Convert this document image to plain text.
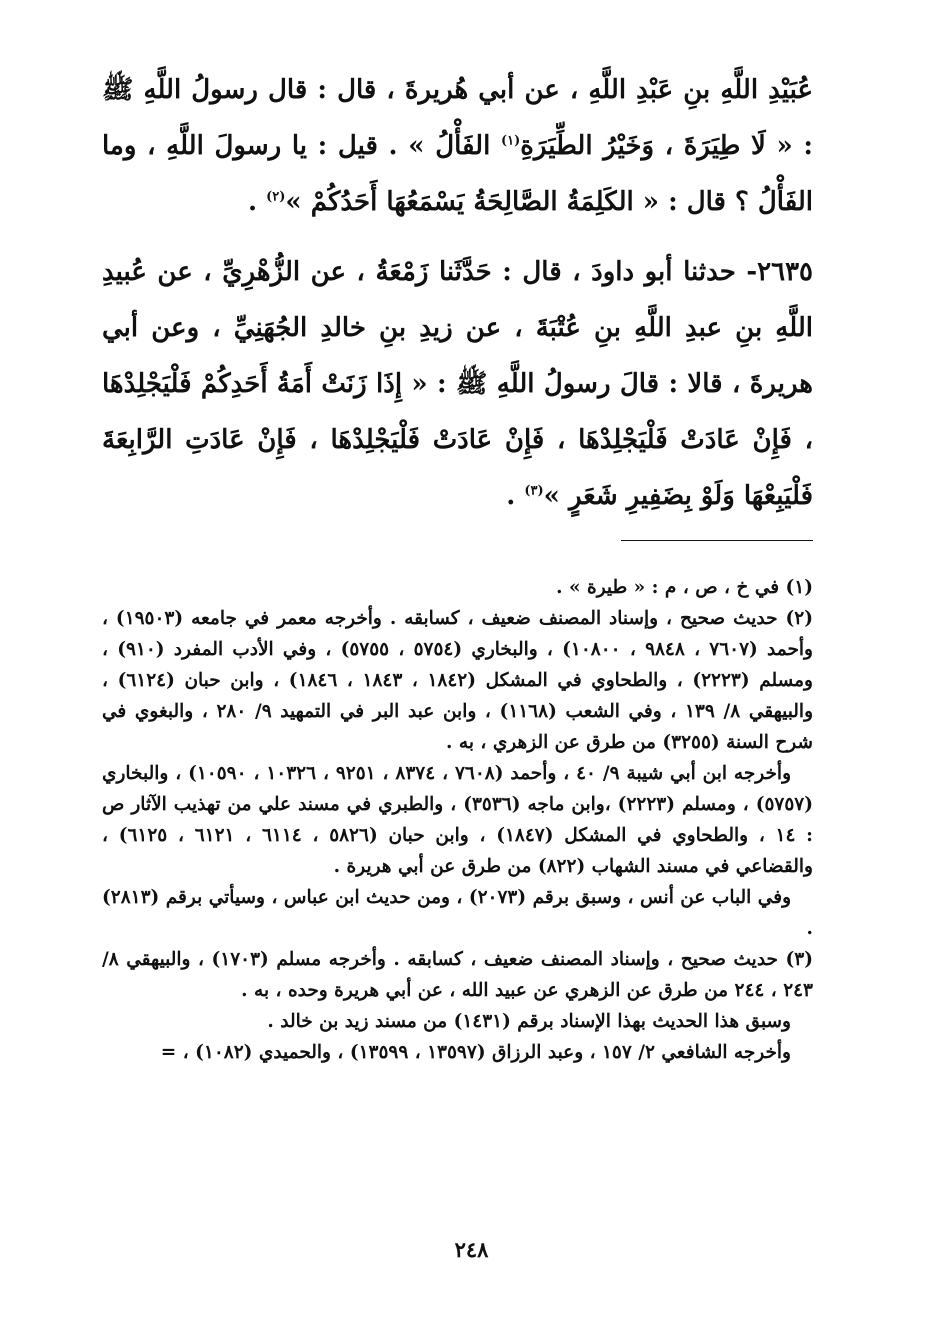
عُبَيْدِ اللَّهِ بنِ عَبْدِ اللَّهِ ، عن أبي هُريرةَ ، قال : قال رسولُ اللَّهِ ﷺ : « لَا طِيَرَةَ ، وَخَيْرُ الطِّيَرَةِ$^{(١)}$ الفَأْلُ » . قيل : يا رسولَ اللَّهِ ، وما الفَأْلُ ؟ قال : « الكَلِمَةُ الصَّالِحَةُ يَسْمَعُهَا أَحَدُكُمْ »$^{(٢)}$ .

٢٦٣٥- حدثنا أبو داودَ ، قال : حَدَّثَنا زَمْعَةُ ، عن الزُّهْرِيِّ ، عن عُبيدِ اللَّهِ بنِ عبدِ اللَّهِ بنِ عُتْبَةَ ، عن زيدِ بنِ خالدِ الجُهَنِيِّ ، وعن أبي هريرةَ ، قالا : قالَ رسولُ اللَّهِ ﷺ : « إِذَا زَنَتْ أَمَةُ أَحَدِكُمْ فَلْيَجْلِدْهَا ، فَإِنْ عَادَتْ فَلْيَجْلِدْهَا ، فَإِنْ عَادَتْ فَلْيَجْلِدْهَا ، فَإِنْ عَادَتِ الرَّابِعَةَ فَلْيَبِعْهَا وَلَوْ بِضَفِيرِ شَعَرٍ »$^{(٣)}$ .

(١) في خ ، ص ، م : « طيرة » .

(٢) حديث صحيح ، وإسناد المصنف ضعيف ، كسابقه . وأخرجه معمر في جامعه (١٩٥٠٣) ، وأحمد (٧٦٠٧ ، ٩٨٤٨ ، ١٠٨٠٠) ، والبخاري (٥٧٥٤ ، ٥٧٥٥) ، وفي الأدب المفرد (٩١٠) ، ومسلم (٢٢٢٣) ، والطحاوي في المشكل (١٨٤٢ ، ١٨٤٣ ، ١٨٤٦) ، وابن حبان (٦١٢٤) ، والبيهقي ٨/ ١٣٩ ، وفي الشعب (١١٦٨) ، وابن عبد البر في التمهيد ٩/ ٢٨٠ ، والبغوي في شرح السنة (٣٢٥٥) من طرق عن الزهري ، به .

وأخرجه ابن أبي شيبة ٩/ ٤٠ ، وأحمد (٧٦٠٨ ، ٨٣٧٤ ، ٩٢٥١ ، ١٠٣٢٦ ، ١٠٥٩٠) ، والبخاري (٥٧٥٧) ، ومسلم (٢٢٢٣) ،وابن ماجه (٣٥٣٦) ، والطبري في مسند علي من تهذيب الآثار ص : ١٤ ، والطحاوي في المشكل (١٨٤٧) ، وابن حبان (٥٨٢٦ ، ٦١١٤ ، ٦١٢١ ، ٦١٢٥) ، والقضاعي في مسند الشهاب (٨٢٢) من طرق عن أبي هريرة .

وفي الباب عن أنس ، وسبق برقم (٢٠٧٣) ، ومن حديث ابن عباس ، وسيأتي برقم (٢٨١٣) .

(٣) حديث صحيح ، وإسناد المصنف ضعيف ، كسابقه . وأخرجه مسلم (١٧٠٣) ، والبيهقي ٨/ ٢٤٣ ، ٢٤٤ من طرق عن الزهري عن عبيد الله ، عن أبي هريرة وحده ، به .

وسبق هذا الحديث بهذا الإسناد برقم (١٤٣١) من مسند زيد بن خالد .

وأخرجه الشافعي ٢/ ١٥٧ ، وعبد الرزاق (١٣٥٩٧ ، ١٣٥٩٩) ، والحميدي (١٠٨٢) ، =

٢٤٨
